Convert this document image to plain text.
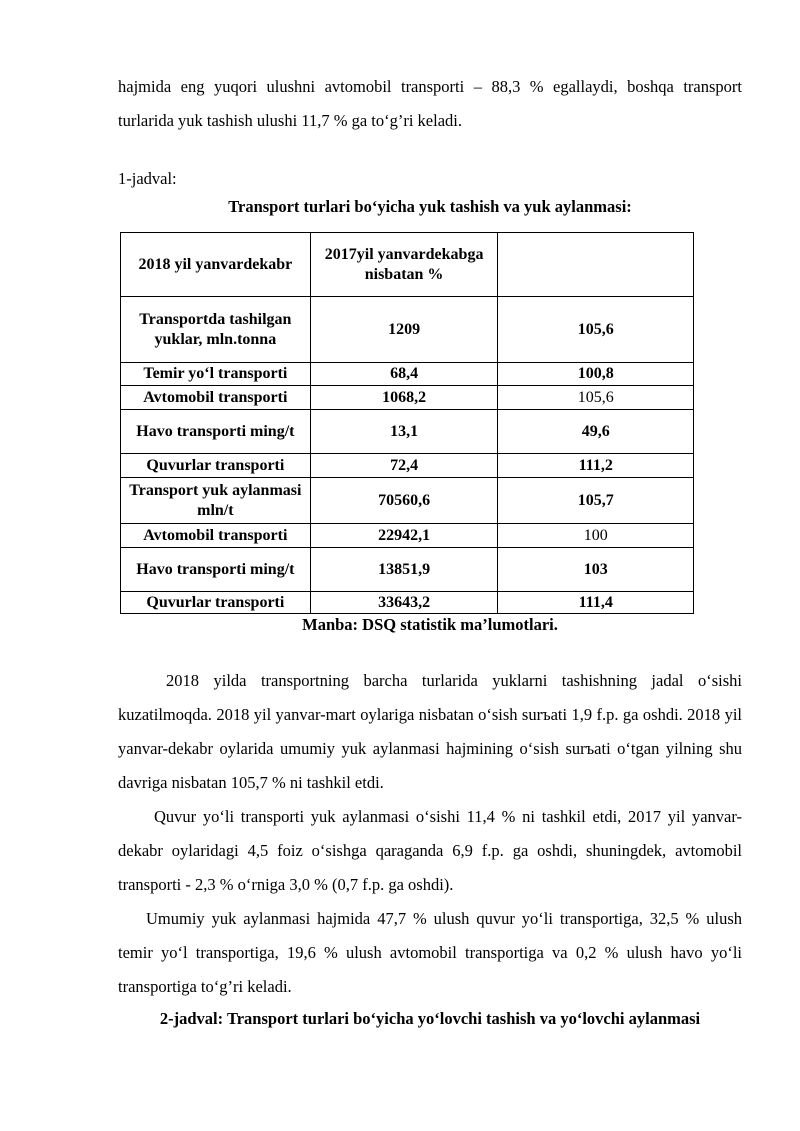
hajmida eng yuqori ulushni avtomobil transporti – 88,3 % egallaydi, boshqa transport turlarida yuk tashish ulushi 11,7 % ga to‘g’ri keladi.

1-jadval:

Transport turlari bo‘yicha yuk tashish va yuk aylanmasi:

2018 yil yanvardekabr	2017yil yanvardekabga nisbatan %	
Transportda tashilgan yuklar, mln.tonna	1209	105,6
Temir yo‘l transporti	68,4	100,8
Avtomobil transporti	1068,2	105,6
Havo transporti ming/t	13,1	49,6
Quvurlar transporti	72,4	111,2
Transport yuk aylanmasi mln/t	70560,6	105,7
Avtomobil transporti	22942,1	100
Havo transporti ming/t	13851,9	103
Quvurlar transporti	33643,2	111,4

Manba: DSQ statistik ma’lumotlari.

2018 yilda transportning barcha turlarida yuklarni tashishning jadal o‘sishi kuzatilmoqda. 2018 yil yanvar-mart oylariga nisbatan o‘sish surъati 1,9 f.p. ga oshdi. 2018 yil yanvar-dekabr oylarida umumiy yuk aylanmasi hajmining o‘sish surъati o‘tgan yilning shu davriga nisbatan 105,7 % ni tashkil etdi.

Quvur yo‘li transporti yuk aylanmasi o‘sishi 11,4 % ni tashkil etdi, 2017 yil yanvar-dekabr oylaridagi 4,5 foiz o‘sishga qaraganda 6,9 f.p. ga oshdi, shuningdek, avtomobil transporti - 2,3 % o‘rniga 3,0 % (0,7 f.p. ga oshdi).

Umumiy yuk aylanmasi hajmida 47,7 % ulush quvur yo‘li transportiga, 32,5 % ulush temir yo‘l transportiga, 19,6 % ulush avtomobil transportiga va 0,2 % ulush havo yo‘li transportiga to‘g’ri keladi.

2-jadval: Transport turlari bo‘yicha yo‘lovchi tashish va yo‘lovchi aylanmasi
